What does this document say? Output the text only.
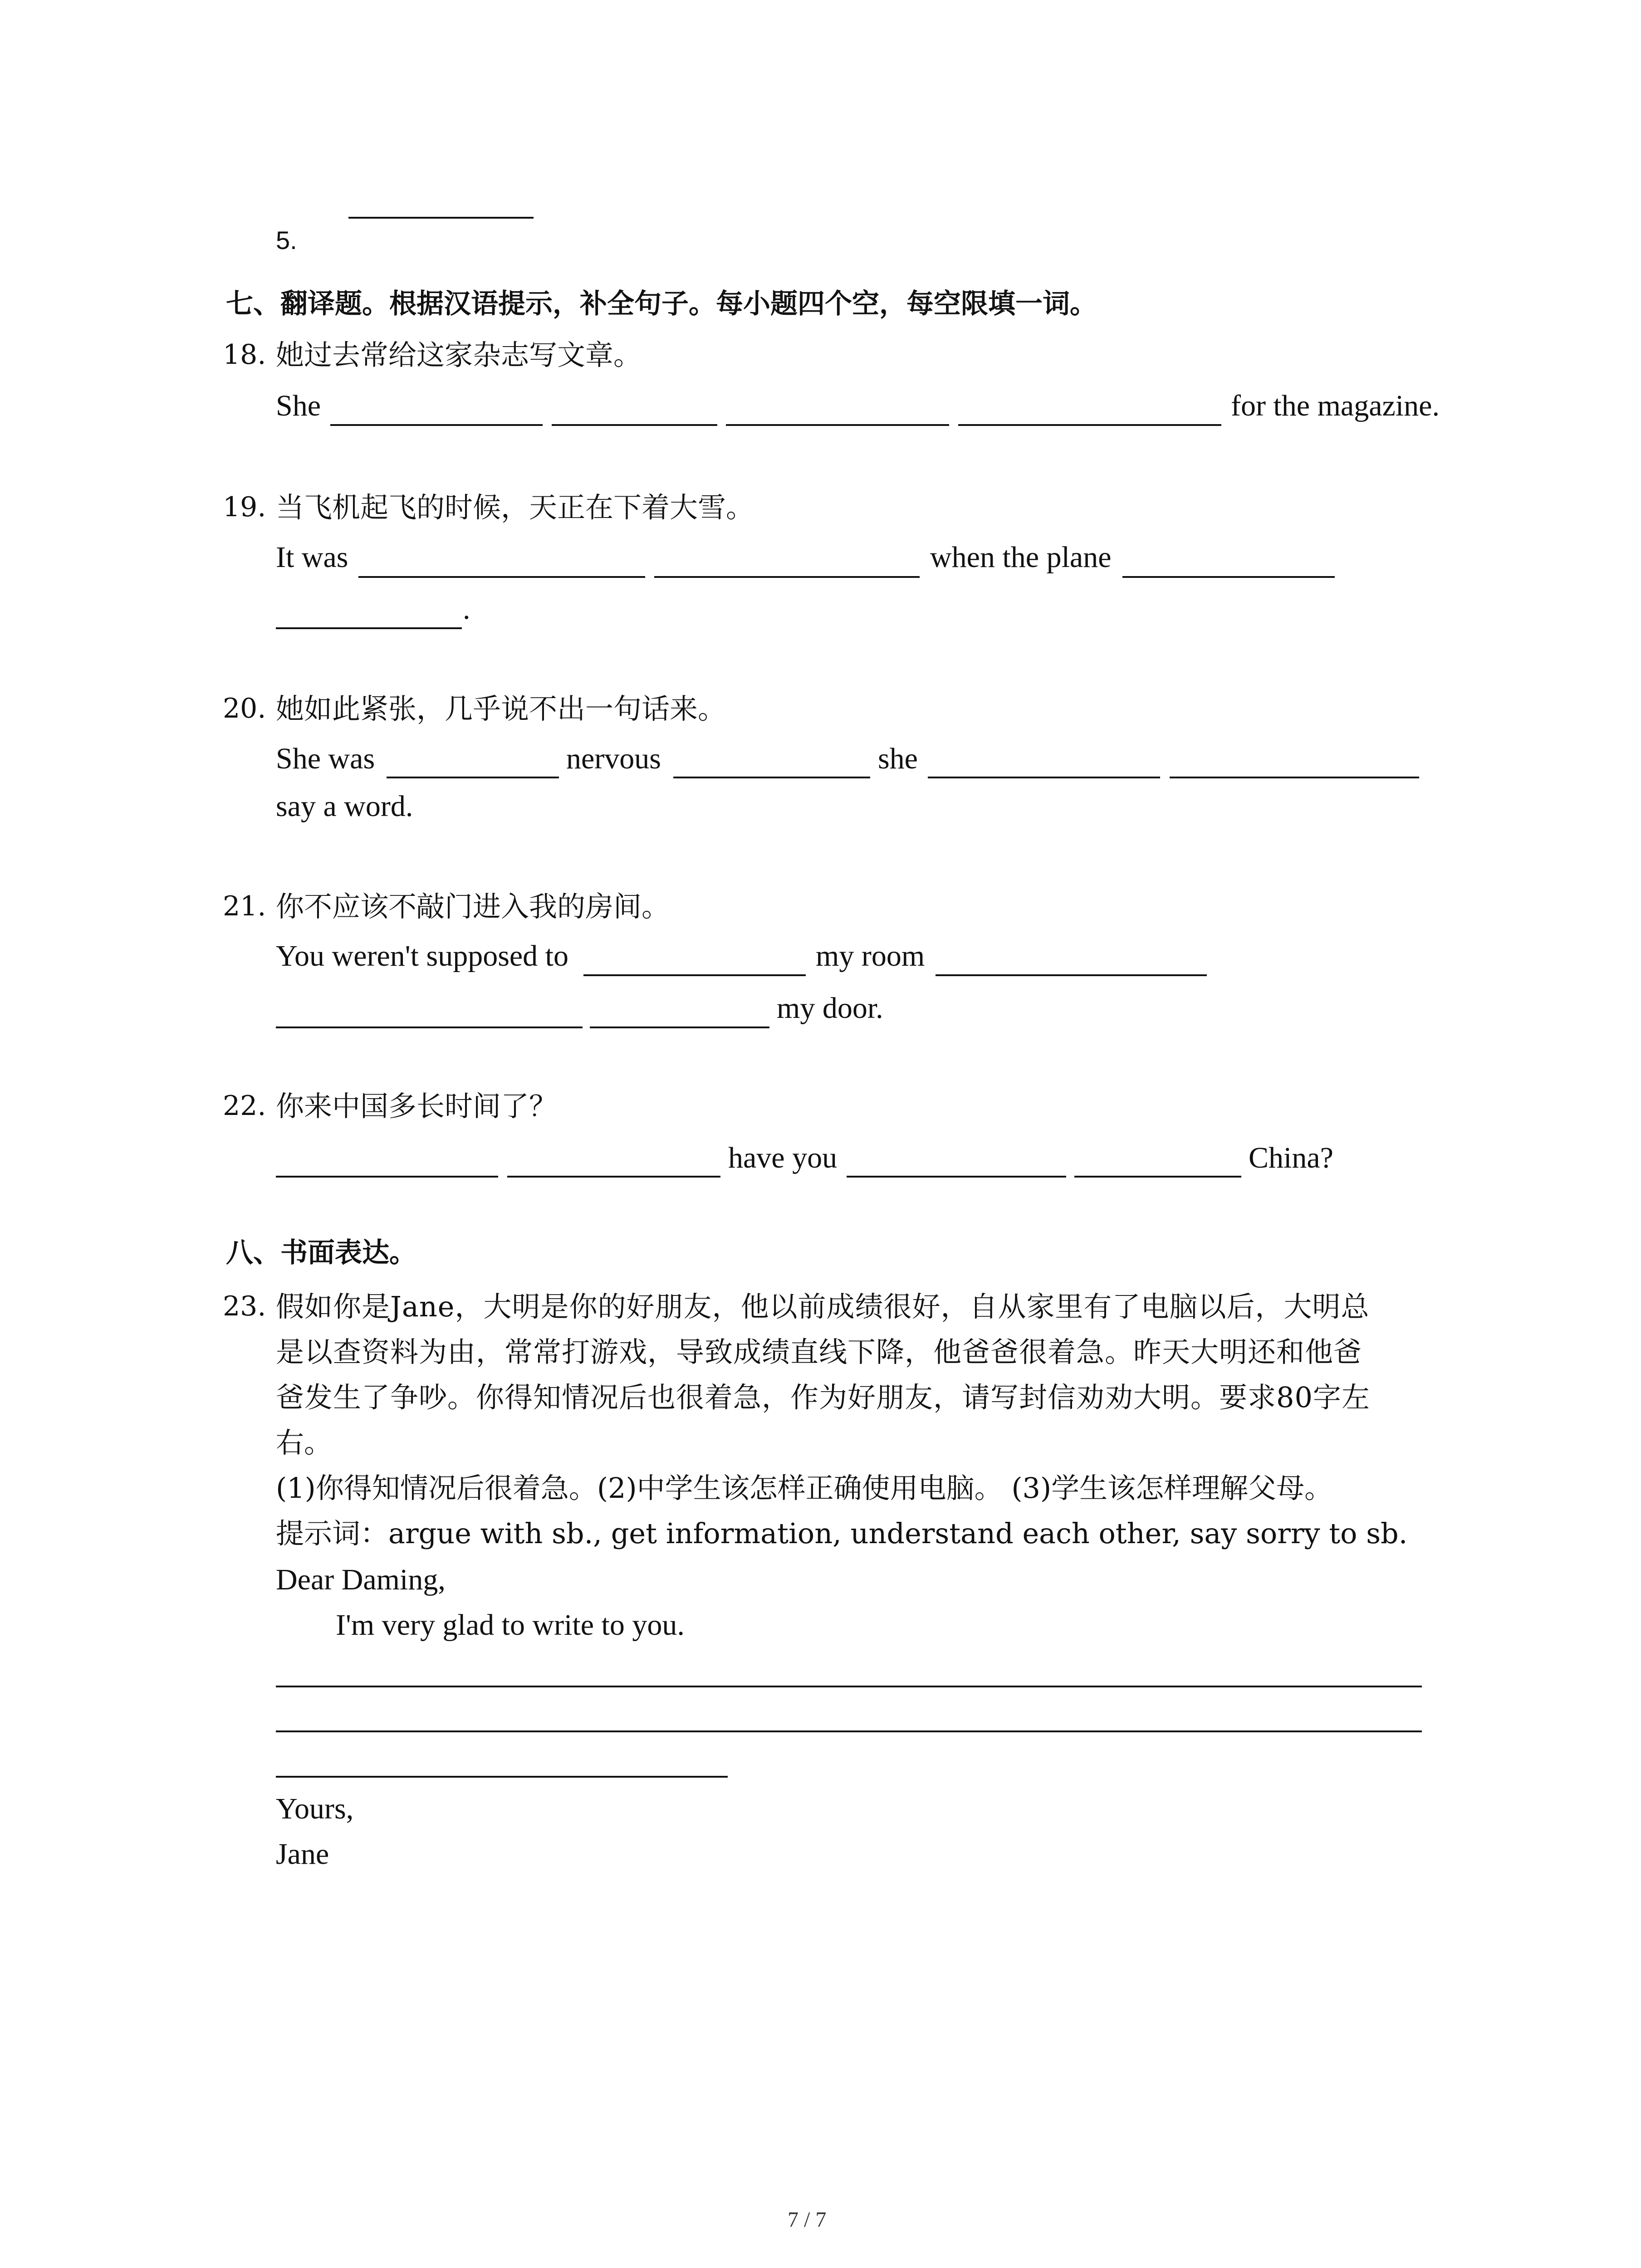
5.
七、翻译题。根据汉语提示，补全句子。每小题四个空，每空限填一词。
18. 她过去常给这家杂志写文章。
She	for the magazine.
19. 当飞机起飞的时候，天正在下着大雪。
It was	when the plane
.
20. 她如此紧张，几乎说不出一句话来。
She was	nervous	she
say a word.
21. 你不应该不敲门进入我的房间。
You weren't supposed to	my room
my door.
22. 你来中国多长时间了？
have you	China?
八、书面表达。
23. 假如你是Jane，大明是你的好朋友，他以前成绩很好，自从家里有了电脑以后，大明总
是以查资料为由，常常打游戏，导致成绩直线下降，他爸爸很着急。昨天大明还和他爸
爸发生了争吵。你得知情况后也很着急，作为好朋友，请写封信劝劝大明。要求80字左
右。
(1)你得知情况后很着急。(2)中学生该怎样正确使用电脑。 (3)学生该怎样理解父母。
提示词：argue with sb., get information, understand each other, say sorry to sb.
Dear Daming,
I'm very glad to write to you.
Yours,
Jane
7 / 7
